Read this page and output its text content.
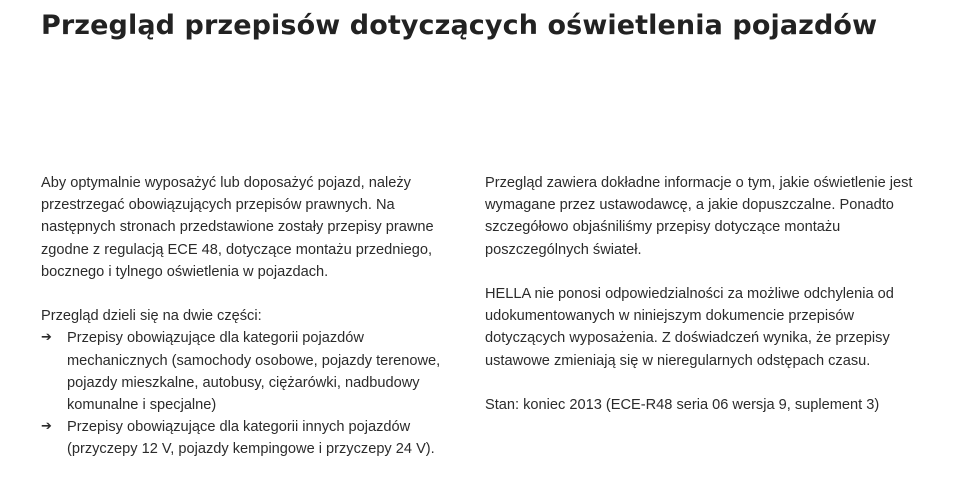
Przegląd przepisów dotyczących oświetlenia pojazdów

Aby optymalnie wyposażyć lub doposażyć pojazd, należy przestrzegać obowiązujących przepisów prawnych. Na następnych stronach przedstawione zostały przepisy prawne zgodne z regulacją ECE 48, dotyczące montażu przedniego, bocznego i tylnego oświetlenia w pojazdach.

Przegląd dzieli się na dwie części:

➔ Przepisy obowiązujące dla kategorii pojazdów mechanicznych (samochody osobowe, pojazdy terenowe, pojazdy mieszkalne, autobusy, ciężarówki, nadbudowy komunalne i specjalne)
➔ Przepisy obowiązujące dla kategorii innych pojazdów (przyczepy 12 V, pojazdy kempingowe i przyczepy 24 V).

Przegląd zawiera dokładne informacje o tym, jakie oświetlenie jest wymagane przez ustawodawcę, a jakie dopuszczalne. Ponadto szczegółowo objaśniliśmy przepisy dotyczące montażu poszczególnych świateł.

HELLA nie ponosi odpowiedzialności za możliwe odchylenia od udokumentowanych w niniejszym dokumencie przepisów dotyczących wyposażenia. Z doświadczeń wynika, że przepisy ustawowe zmieniają się w nieregularnych odstępach czasu.

Stan: koniec 2013 (ECE-R48 seria 06 wersja 9, suplement 3)
